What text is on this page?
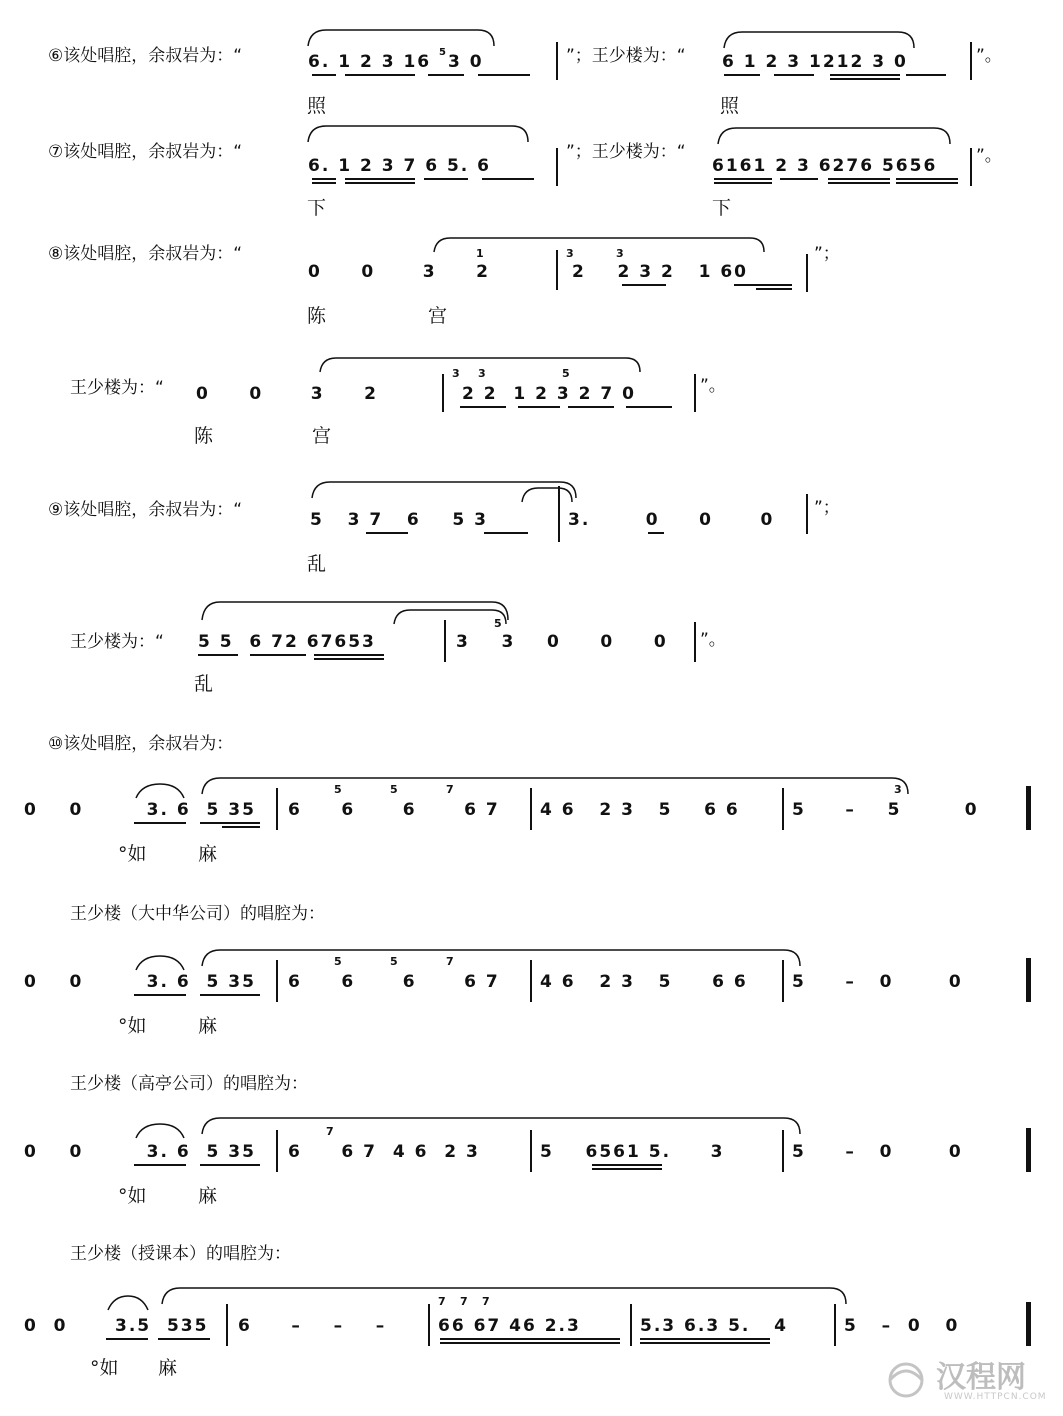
⑥该处唱腔，余叔岩为：“	6. 1 2 3 16 $^5$3 0	”；王少楼为：“ 6 1 2 3 1212 3 0	”。
照	照
⑦该处唱腔，余叔岩为：“
6. 1 2 3 7 6 5. 6
”；王少楼为：“
6161 2 3 6276 5656 ”。
下	下
⑧该处唱腔，余叔岩为：“
0     0      3     2
1	3	3
2    2 3 2   1 60
”；
陈	宫
王少楼为：“ 0     0      3     2
3 3	5
2 2  1 2 3 2 7 0	”。
陈	宫
⑨该处唱腔，余叔岩为：“	5   3 7   6    5 3	3.       0     0      0
”；
乱
王少楼为：“ 5 5  6 72 67653
5
3    3    0     0     0 ”。
乱
⑩该处唱腔，余叔岩为：
0    0        3. 6  5 35 6     6      6      6 7
5	5	7
4 6   2 3   5    6 6	5     –    5        0
3
°如	麻
王少楼（大中华公司）的唱腔为：
0    0        3. 6  5 35 6     6      6      6 7
5	5	7
4 6   2 3   5     6 6	5     –   0       0
°如	麻
王少楼（高亭公司）的唱腔为：
0    0        3. 6  5 35 6     6 7  4 6  2 3
7
5    6561 5.     3	5     –   0       0
°如	麻
王少楼（授课本）的唱腔为：
0  0      3.5  535 6     –    –    –
7 7 7
66 67 46 2.3	5.3 6.3 5.   4	5   –  0   0
°如 麻	汉程网
WWW.HTTPCN.COM
